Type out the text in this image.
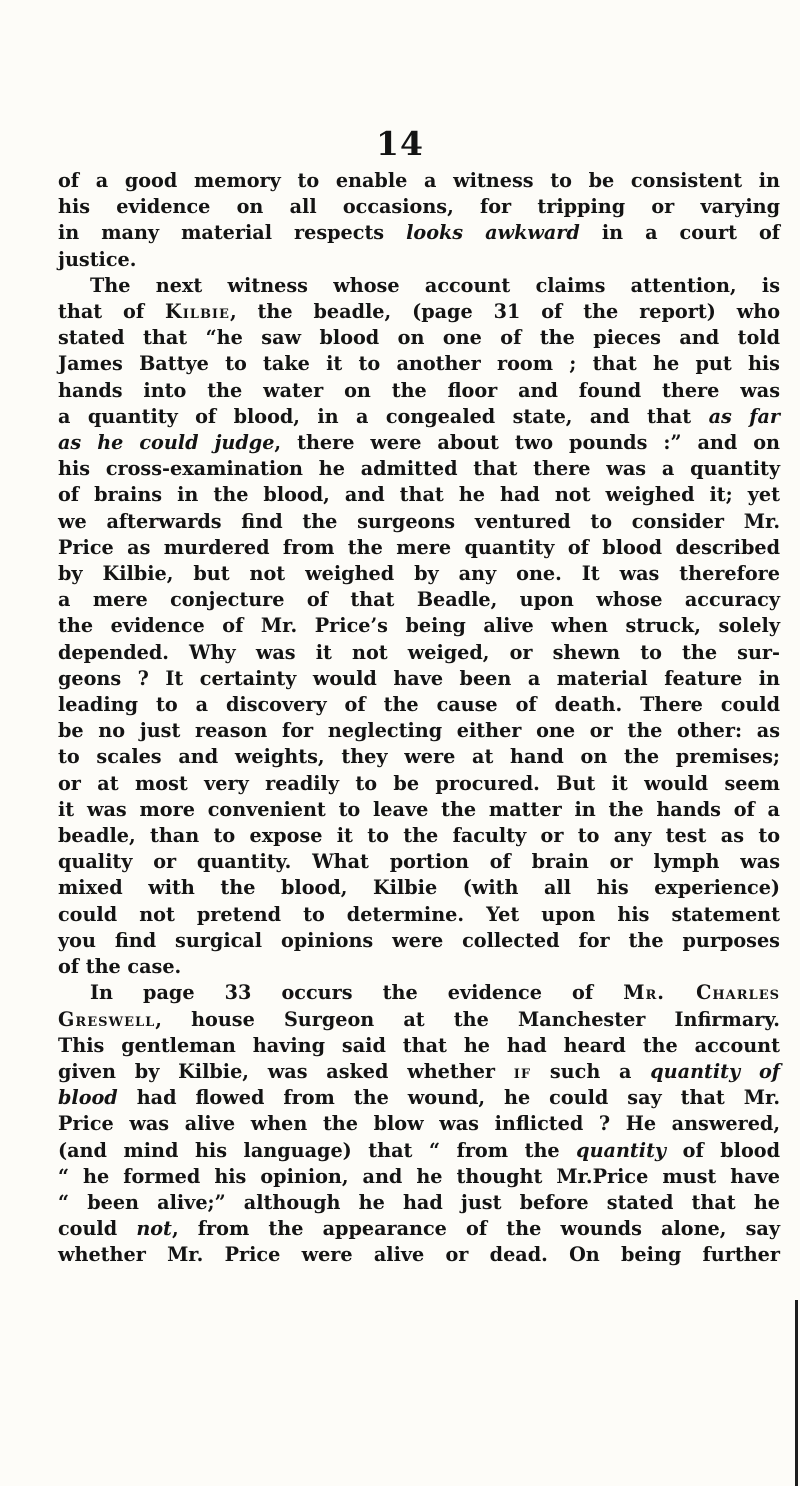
14
of a good memory to enable a witness to be consistent in
his evidence on all occasions, for tripping or varying
in many material respects looks awkward in a court of
justice.
The next witness whose account claims attention, is
that of Kilbie, the beadle, (page 31 of the report) who
stated that “he saw blood on one of the pieces and told
James Battye to take it to another room ; that he put his
hands into the water on the floor and found there was
a quantity of blood, in a congealed state, and that as far
as he could judge, there were about two pounds :” and on
his cross-examination he admitted that there was a quantity
of brains in the blood, and that he had not weighed it; yet
we afterwards find the surgeons ventured to consider Mr.
Price as murdered from the mere quantity of blood described
by Kilbie, but not weighed by any one. It was therefore
a mere conjecture of that Beadle, upon whose accuracy
the evidence of Mr. Price’s being alive when struck, solely
depended. Why was it not weiged, or shewn to the sur-
geons ? It certainty would have been a material feature in
leading to a discovery of the cause of death. There could
be no just reason for neglecting either one or the other: as
to scales and weights, they were at hand on the premises;
or at most very readily to be procured. But it would seem
it was more convenient to leave the matter in the hands of a
beadle, than to expose it to the faculty or to any test as to
quality or quantity. What portion of brain or lymph was
mixed with the blood, Kilbie (with all his experience)
could not pretend to determine. Yet upon his statement
you find surgical opinions were collected for the purposes
of the case.
In page 33 occurs the evidence of Mr. Charles
Greswell, house Surgeon at the Manchester Infirmary.
This gentleman having said that he had heard the account
given by Kilbie, was asked whether if such a quantity of
blood had flowed from the wound, he could say that Mr.
Price was alive when the blow was inflicted ? He answered,
(and mind his language) that “ from the quantity of blood
“ he formed his opinion, and he thought Mr.Price must have
“ been alive;” although he had just before stated that he
could not, from the appearance of the wounds alone, say
whether Mr. Price were alive or dead. On being further
